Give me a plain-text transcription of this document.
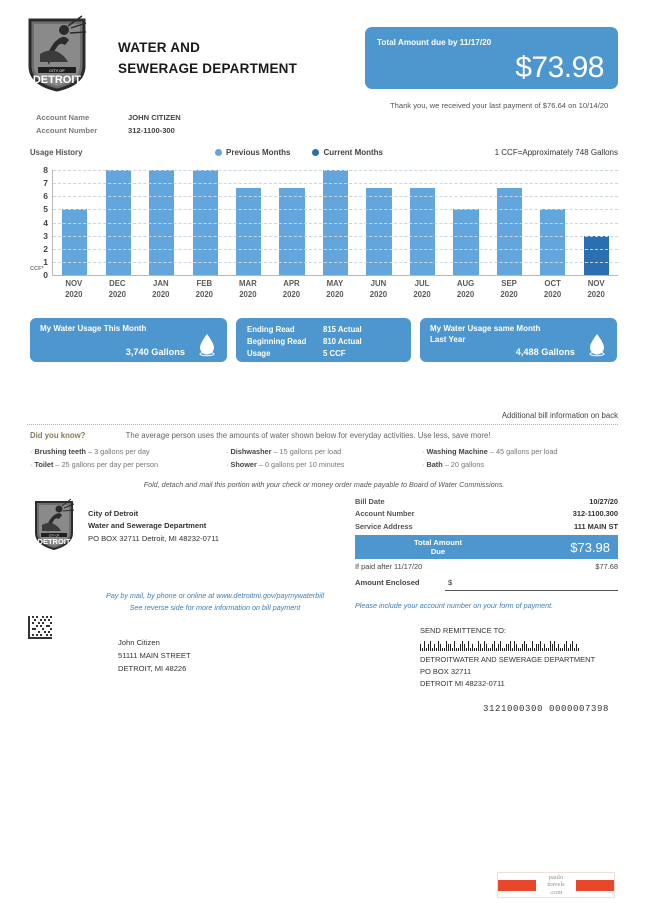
CITY OF
DETROIT
WATER AND
SEWERAGE DEPARTMENT
Total Amount due by 11/17/20
$73.98
Thank you, we received your last payment of $76.64 on 10/14/20
Account Name	JOHN CITIZEN
Account Number	312-1100-300
Usage History	Previous Months	Current Months	1 CCF=Approximately 748 Gallons
0
1
2
3
4
5
6
7
8
NOV
2020
DEC
2020
JAN
2020
FEB
2020
MAR
2020
APR
2020
MAY
2020
JUN
2020
JUL
2020
AUG
2020
SEP
2020
OCT
2020
NOV
2020
CCF*
My Water Usage This Month
3,740 Gallons
Ending Read	815 Actual
Beginning Read	810 Actual
Usage	5 CCF
My Water Usage same Month
Last Year
4,488 Gallons
Additional bill information on back
Did you know?	The average person uses the amounts of water shown below for everyday activities. Use less, save more!
· Brushing teeth – 3 gallons per day
· Toilet – 25 gallons per day per person
· Dishwasher – 15 gallons per load
· Shower – 0 gallons per 10 minutes
· Washing Machine – 45 gallons per load
· Bath – 20 gallons
Fold, detach and mail this portion with your check or money order made payable to Board of Water Commissions.
CITY OF
DETROIT
City of Detroit
Water and Sewerage Department
PO BOX 32711 Detroit, MI 48232-0711
Bill Date	10/27/20
Account Number	312-1100.300
Service Address	111 MAIN ST
Total Amount
Due	$73.98
If paid after 11/17/20	$77.68
Amount Enclosed	$
Pay by mail, by phone or online at www.detroitmi.gov/paymywaterbill
See reverse side for more information on bill payment	Please include your account number on your form of payment.
John Citizen
51111 MAIN STREET
DETROIT, MI 48226
SEND REMITTENCE TO:
DETROITWATER AND SEWERAGE DEPARTMENT
PO BOX 32711
DETROIT MI 48232-0711
3121000300 0000007398
paulo
travels
.com
